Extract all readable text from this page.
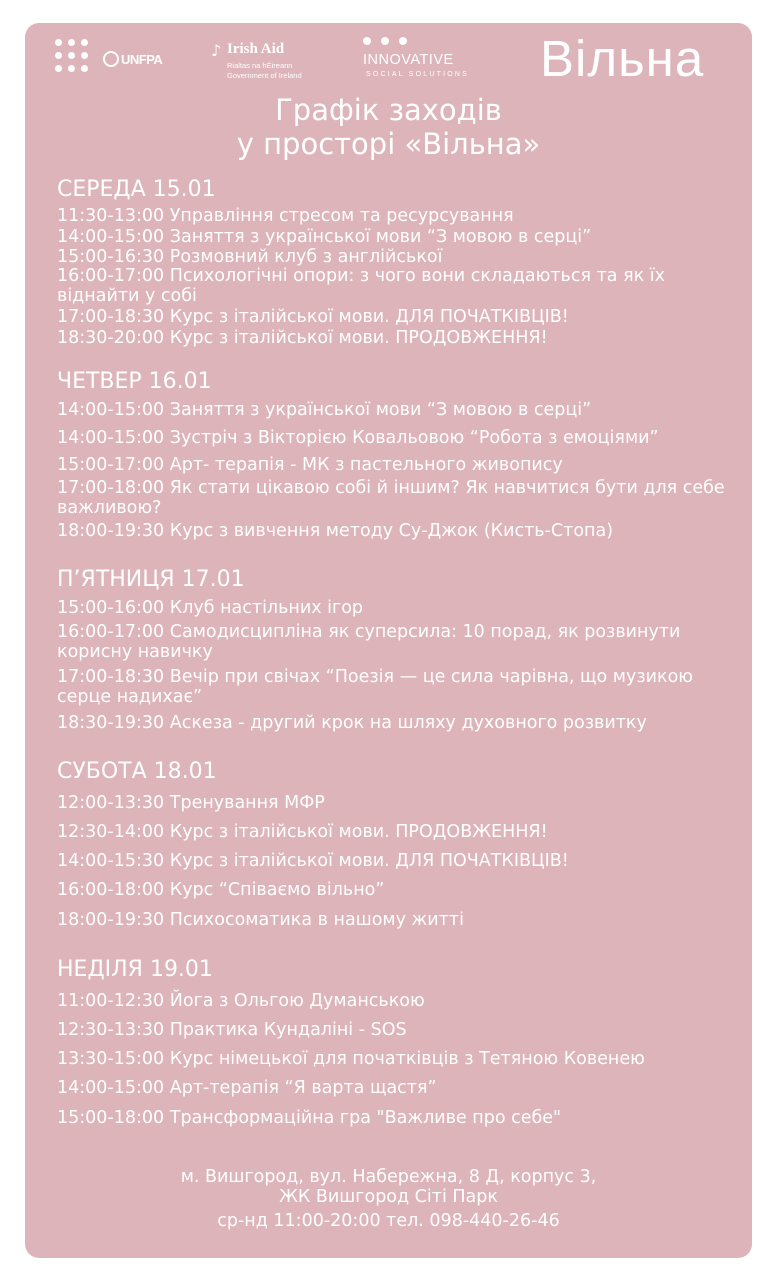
UNFPA	♪ Irish Aid
Rialtas na hÉireann
Government of Ireland
INNOVATIVE
SOCIAL SOLUTIONS Вільна
Графік заходів
у просторі «Вільна»
СЕРЕДА 15.01
11:30-13:00 Управління стресом та ресурсування
14:00-15:00 Заняття з української мови “З мовою в серці”
15:00-16:30 Розмовний клуб з англійської
16:00-17:00 Психологічні опори: з чого вони складаються та як їх віднайти у собі
17:00-18:30 Курс з італійської мови. ДЛЯ ПОЧАТКІВЦІВ!
18:30-20:00 Курс з італійської мови. ПРОДОВЖЕННЯ!
ЧЕТВЕР 16.01
14:00-15:00 Заняття з української мови “З мовою в серці”
14:00-15:00 Зустріч з Вікторією Ковальовою “Робота з емоціями”
15:00-17:00 Арт- терапія - МК з пастельного живопису
17:00-18:00 Як стати цікавою собі й іншим? Як навчитися бути для себе важливою?
18:00-19:30 Курс з вивчення методу Су-Джок (Кисть-Стопа)
П’ЯТНИЦЯ 17.01
15:00-16:00 Клуб настільних ігор
16:00-17:00 Самодисципліна як суперсила: 10 порад, як розвинути корисну навичку
17:00-18:30 Вечір при свічах “Поезія — це сила чарівна, що музикою серце надихає”
18:30-19:30 Аскеза - другий крок на шляху духовного розвитку
СУБОТА 18.01
12:00-13:30 Тренування МФР
12:30-14:00 Курс з італійської мови. ПРОДОВЖЕННЯ!
14:00-15:30 Курс з італійської мови. ДЛЯ ПОЧАТКІВЦІВ!
16:00-18:00 Курс “Співаємо вільно”
18:00-19:30 Психосоматика в нашому житті
НЕДІЛЯ 19.01
11:00-12:30 Йога з Ольгою Думанською
12:30-13:30 Практика Кундаліні - SOS
13:30-15:00 Курс німецької для початківців з Тетяною Ковенею
14:00-15:00 Арт-терапія “Я варта щастя”
15:00-18:00 Трансформаційна гра "Важливе про себе"
м. Вишгород, вул. Набережна, 8 Д, корпус 3,
ЖК Вишгород Сіті Парк
ср-нд 11:00-20:00 тел. 098-440-26-46
